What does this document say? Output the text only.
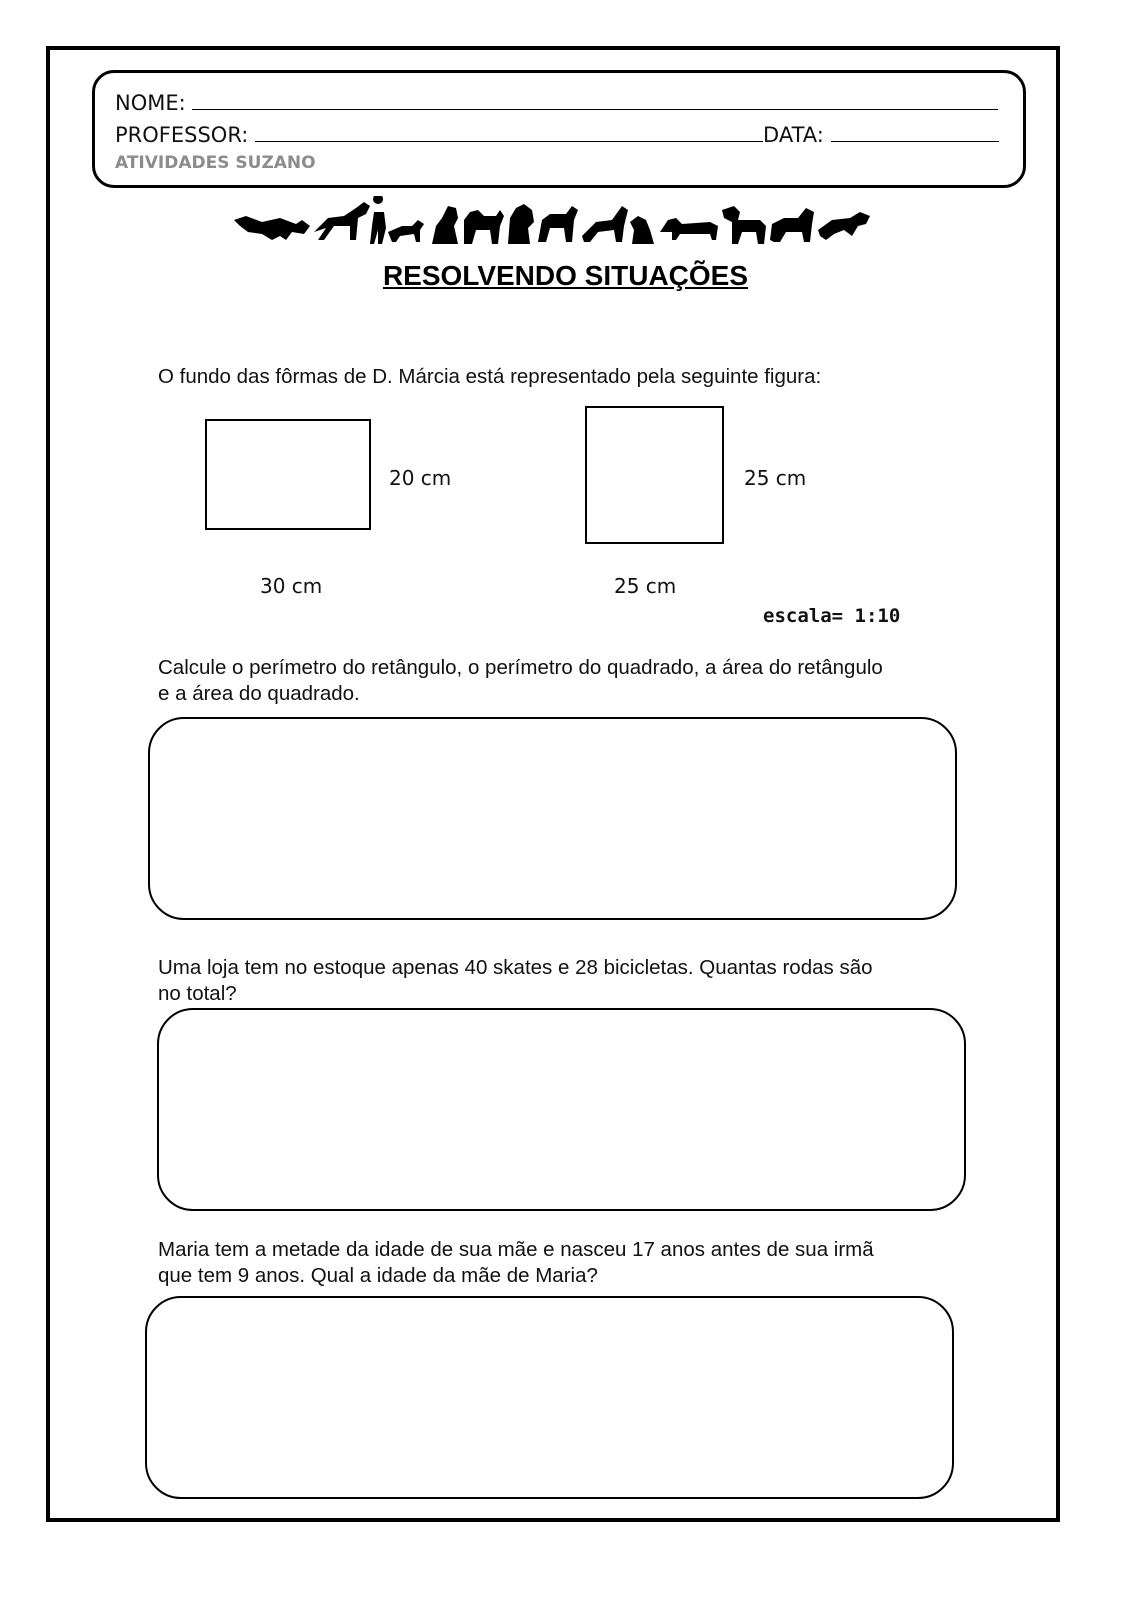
NOME:
PROFESSOR:	DATA:
ATIVIDADES SUZANO
RESOLVENDO SITUAÇÕES
O fundo das fôrmas de D. Márcia está representado pela seguinte figura:
20 cm
30 cm
25 cm
25 cm
escala= 1:10
Calcule o perímetro do retângulo, o perímetro do quadrado, a área do retângulo
e a área do quadrado.
Uma loja tem no estoque apenas 40 skates e 28 bicicletas. Quantas rodas são
no total?
Maria tem a metade da idade de sua mãe e nasceu 17 anos antes de sua irmã
que tem 9 anos. Qual a idade da mãe de Maria?
